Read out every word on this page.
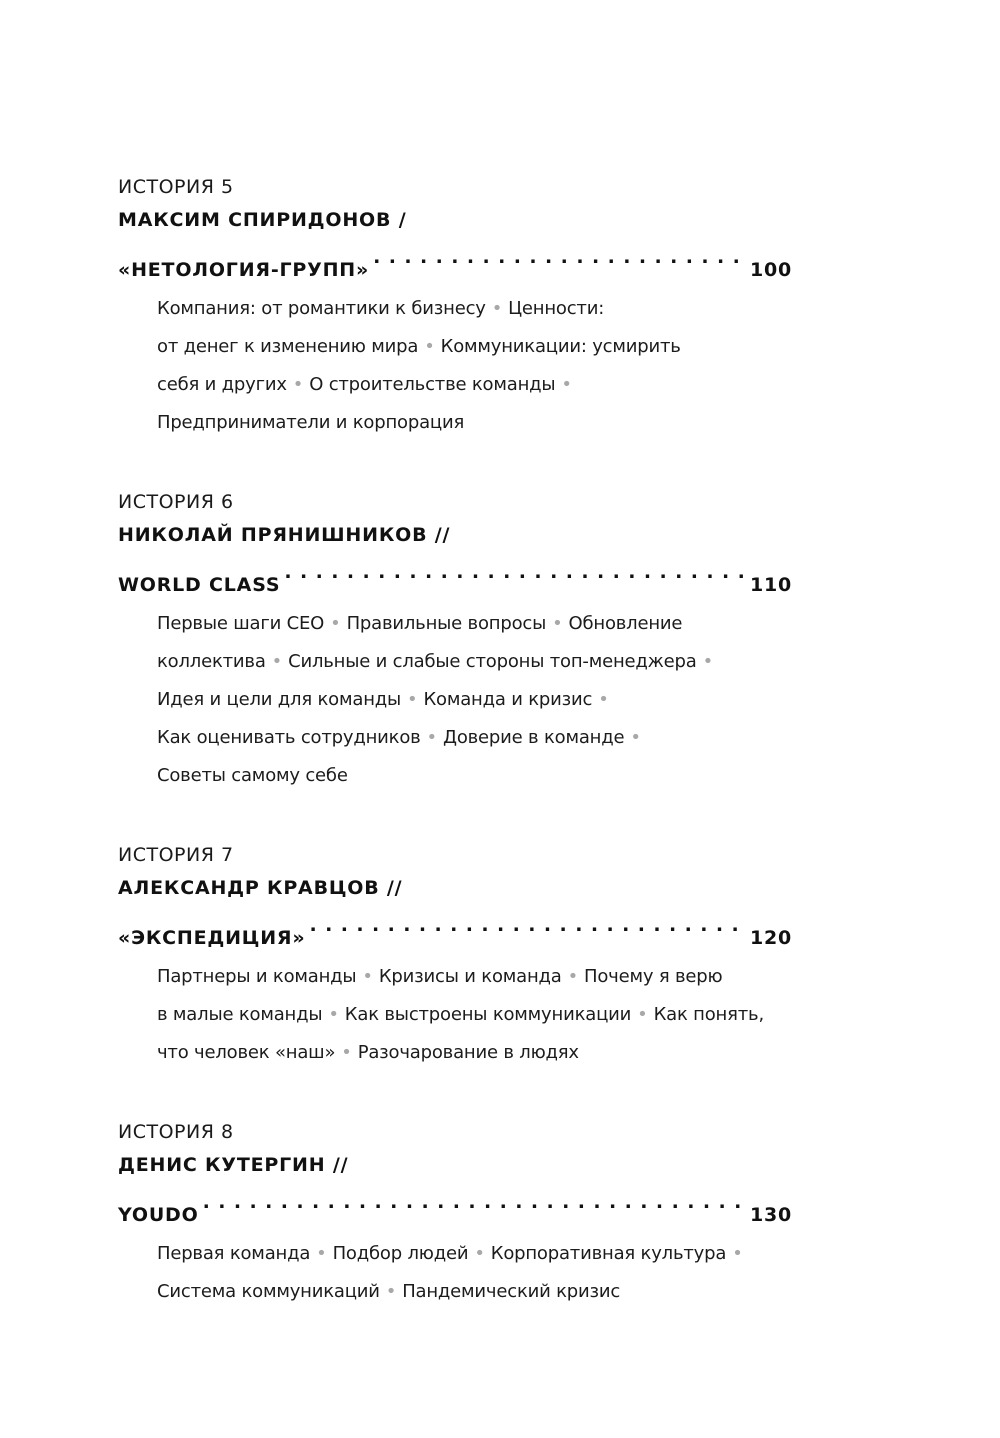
ИСТОРИЯ 5
МАКСИМ СПИРИДОНОВ /
«НЕТОЛОГИЯ-ГРУПП» . . .	100
Компания: от романтики к бизнесу • Ценности:
от денег к изменению мира • Коммуникации: усмирить
себя и других • О строительстве команды •
Предприниматели и корпорация
ИСТОРИЯ 6
НИКОЛАЙ ПРЯНИШНИКОВ //
WORLD CLASS . . .	110
Первые шаги CEO • Правильные вопросы • Обновление
коллектива • Сильные и слабые стороны топ-менеджера •
Идея и цели для команды • Команда и кризис •
Как оценивать сотрудников • Доверие в команде •
Советы самому себе
ИСТОРИЯ 7
АЛЕКСАНДР КРАВЦОВ //
«ЭКСПЕДИЦИЯ» . . .	120
Партнеры и команды • Кризисы и команда • Почему я верю
в малые команды • Как выстроены коммуникации • Как понять,
что человек «наш» • Разочарование в людях
ИСТОРИЯ 8
ДЕНИС КУТЕРГИН //
YOUDO . . .	130
Первая команда • Подбор людей • Корпоративная культура •
Система коммуникаций • Пандемический кризис
